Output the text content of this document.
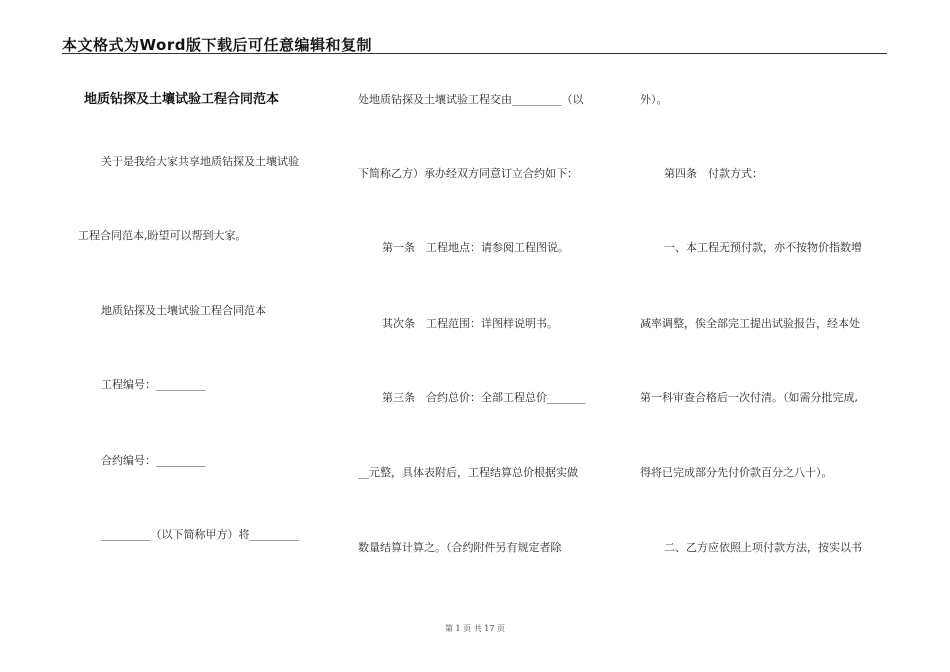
本文格式为Word版下载后可任意编辑和复制
地质钻探及土壤试验工程合同范本
关于是我给大家共享地质钻探及土壤试验
工程合同范本,盼望可以帮到大家。
地质钻探及土壤试验工程合同范本
工程编号：_________
合约编号：_________
_________（以下简称甲方）将_________
处地质钻探及土壤试验工程交由_________（以
下简称乙方）承办经双方同意订立合约如下：
第一条　工程地点：请参阅工程图说。
其次条　工程范围：详图样说明书。
第三条　合约总价：全部工程总价_______
__元整，具体表附后，工程结算总价根据实做
数量结算计算之。（合约附件另有规定者除
外）。
第四条　付款方式：
一、本工程无预付款，亦不按物价指数增
减率调整，俟全部完工提出试验报告，经本处
第一科审查合格后一次付清。（如需分批完成,
得将已完成部分先付价款百分之八十）。
二、乙方应依照上项付款方法，按实以书
第 1 页 共 17 页
